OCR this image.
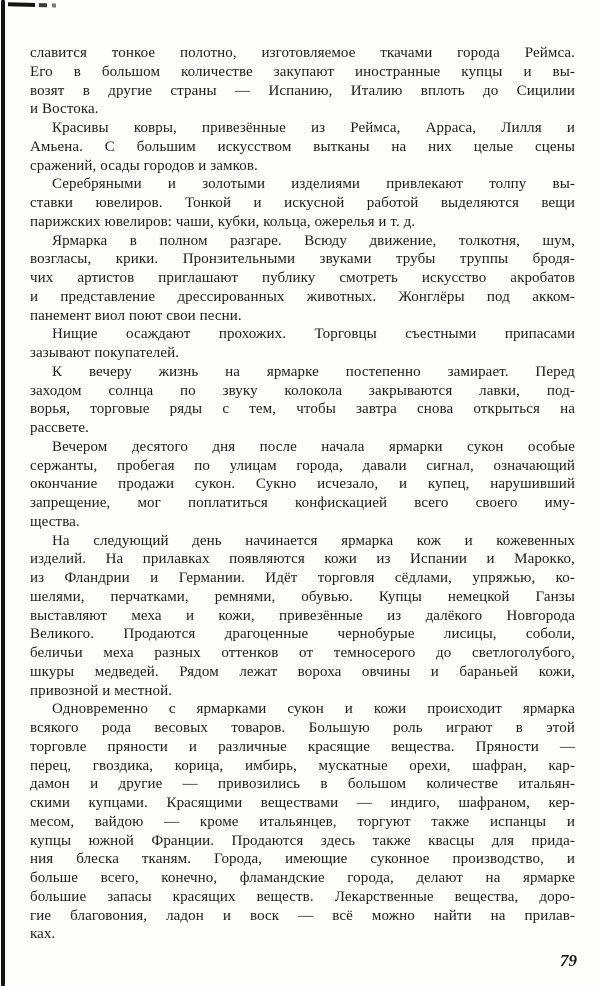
славится тонкое полотно, изготовляемое ткачами города Реймса.
Его в большом количестве закупают иностранные купцы и вы-
возят в другие страны — Испанию, Италию вплоть до Сицилии
и Востока.
Красивы ковры, привезённые из Реймса, Арраса, Лилля и
Амьена. С большим искусством вытканы на них целые сцены
сражений, осады городов и замков.
Серебряными и золотыми изделиями привлекают толпу вы-
ставки ювелиров. Тонкой и искусной работой выделяются вещи
парижских ювелиров: чаши, кубки, кольца, ожерелья и т. д.
Ярмарка в полном разгаре. Всюду движение, толкотня, шум,
возгласы, крики. Пронзительными звуками трубы труппы бродя-
чих артистов приглашают публику смотреть искусство акробатов
и представление дрессированных животных. Жонглёры под акком-
панемент виол поют свои песни.
Нищие осаждают прохожих. Торговцы съестными припасами
зазывают покупателей.
К вечеру жизнь на ярмарке постепенно замирает. Перед
заходом солнца по звуку колокола закрываются лавки, под-
ворья, торговые ряды с тем, чтобы завтра снова открыться на
рассвете.
Вечером десятого дня после начала ярмарки сукон особые
сержанты, пробегая по улицам города, давали сигнал, означающий
окончание продажи сукон. Сукно исчезало, и купец, нарушивший
запрещение, мог поплатиться конфискацией всего своего иму-
щества.
На следующий день начинается ярмарка кож и кожевенных
изделий. На прилавках появляются кожи из Испании и Марокко,
из Фландрии и Германии. Идёт торговля сёдлами, упряжью, ко-
шелями, перчатками, ремнями, обувью. Купцы немецкой Ганзы
выставляют меха и кожи, привезённые из далёкого Новгорода
Великого. Продаются драгоценные чернобурые лисицы, соболи,
беличьи меха разных оттенков от темносерого до светлоголубого,
шкуры медведей. Рядом лежат вороха овчины и бараньей кожи,
привозной и местной.
Одновременно с ярмарками сукон и кожи происходит ярмарка
всякого рода весовых товаров. Большую роль играют в этой
торговле пряности и различные красящие вещества. Пряности —
перец, гвоздика, корица, имбирь, мускатные орехи, шафран, кар-
дамон и другие — привозились в большом количестве итальян-
скими купцами. Красящими веществами — индиго, шафраном, кер-
месом, вайдою — кроме итальянцев, торгуют также испанцы и
купцы южной Франции. Продаются здесь также квасцы для прида-
ния блеска тканям. Города, имеющие суконное производство, и
больше всего, конечно, фламандские города, делают на ярмарке
большие запасы красящих веществ. Лекарственные вещества, доро-
гие благовония, ладон и воск — всё можно найти на прилав-
ках.
79
